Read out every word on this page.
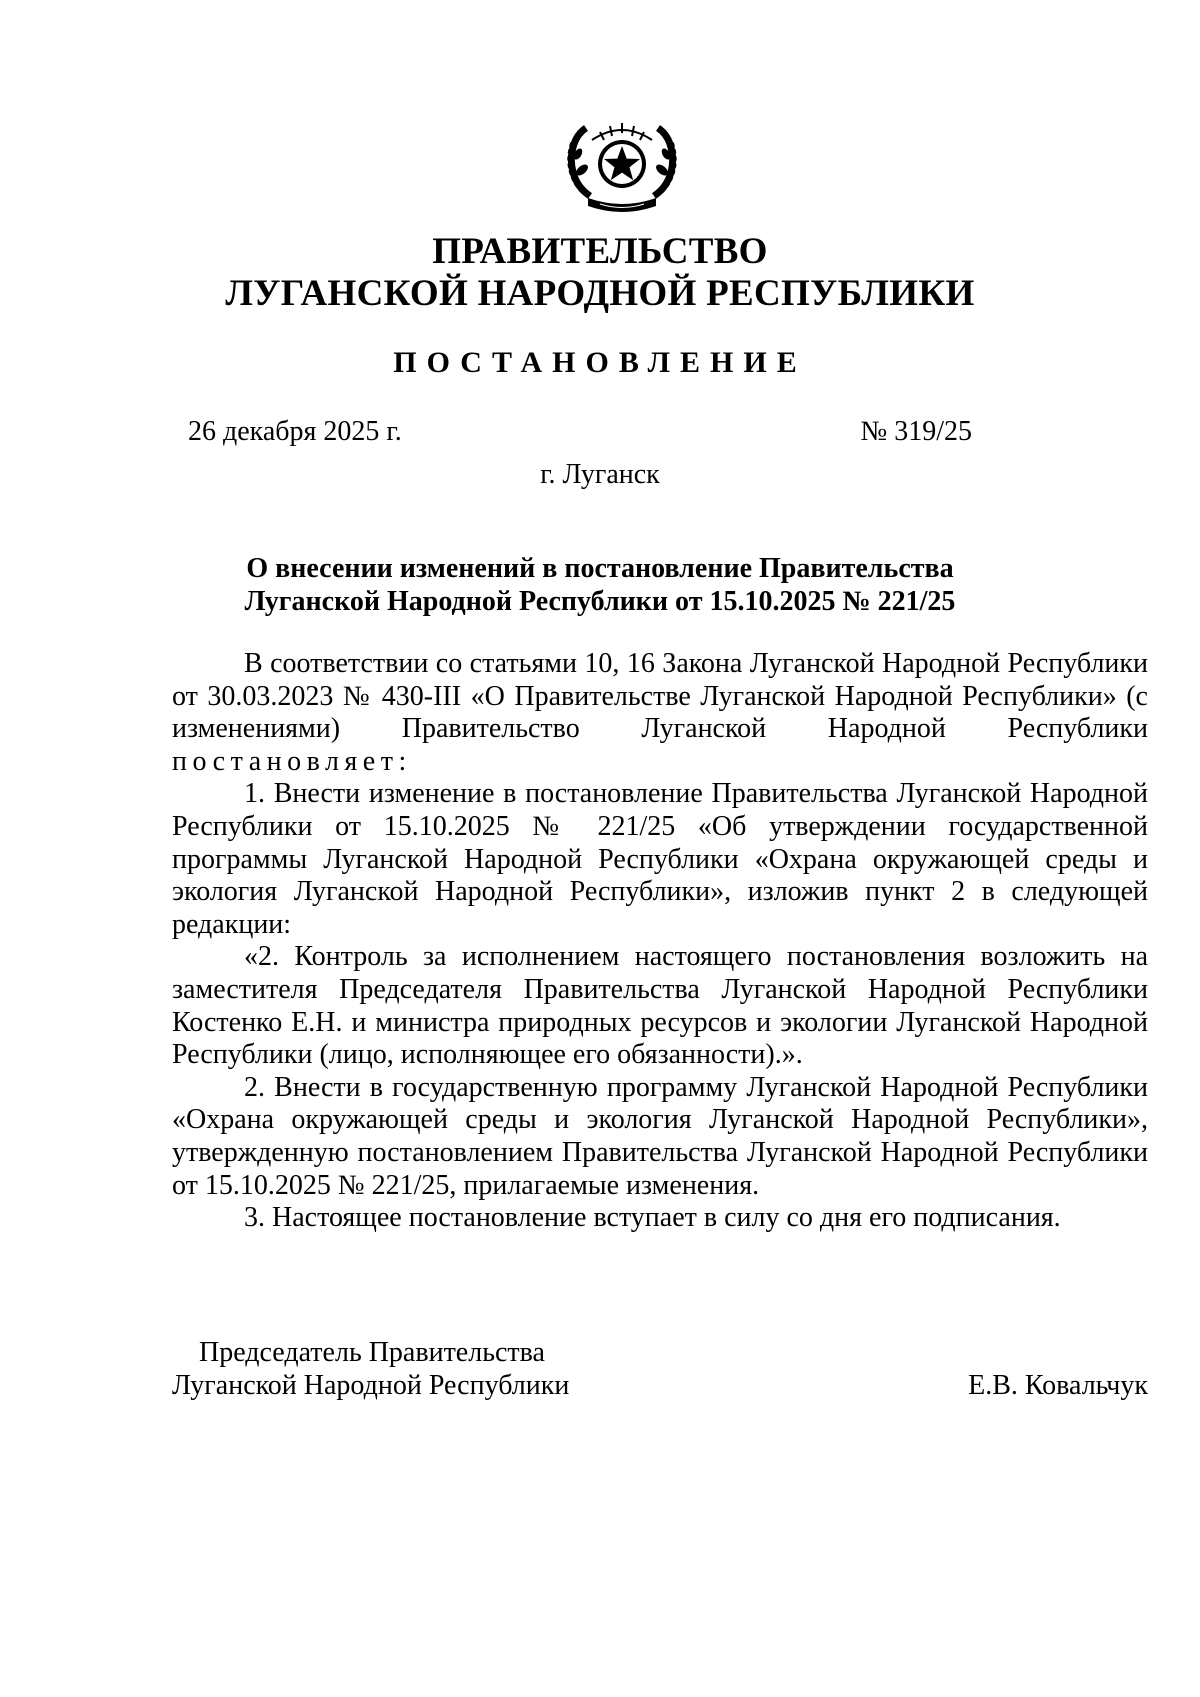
ПРАВИТЕЛЬСТВО
ЛУГАНСКОЙ НАРОДНОЙ РЕСПУБЛИКИ
ПОСТАНОВЛЕНИЕ
26 декабря 2025 г.	№ 319/25
г. Луганск
О внесении изменений в постановление Правительства
Луганской Народной Республики от 15.10.2025 № 221/25

В соответствии со статьями 10, 16 Закона Луганской Народной Республики от 30.03.2023 № 430-III «О Правительстве Луганской Народной Республики» (с изменениями) Правительство Луганской Народной Республики постановляет:

1. Внести изменение в постановление Правительства Луганской Народной Республики от 15.10.2025 № 221/25 «Об утверждении государственной программы Луганской Народной Республики «Охрана окружающей среды и экология Луганской Народной Республики», изложив пункт 2 в следующей редакции:

«2. Контроль за исполнением настоящего постановления возложить на заместителя Председателя Правительства Луганской Народной Республики Костенко Е.Н. и министра природных ресурсов и экологии Луганской Народной Республики (лицо, исполняющее его обязанности).».

2. Внести в государственную программу Луганской Народной Республики «Охрана окружающей среды и экология Луганской Народной Республики», утвержденную постановлением Правительства Луганской Народной Республики от 15.10.2025 № 221/25, прилагаемые изменения.

3. Настоящее постановление вступает в силу со дня его подписания.

Председатель Правительства
Луганской Народной Республики	Е.В. Ковальчук
